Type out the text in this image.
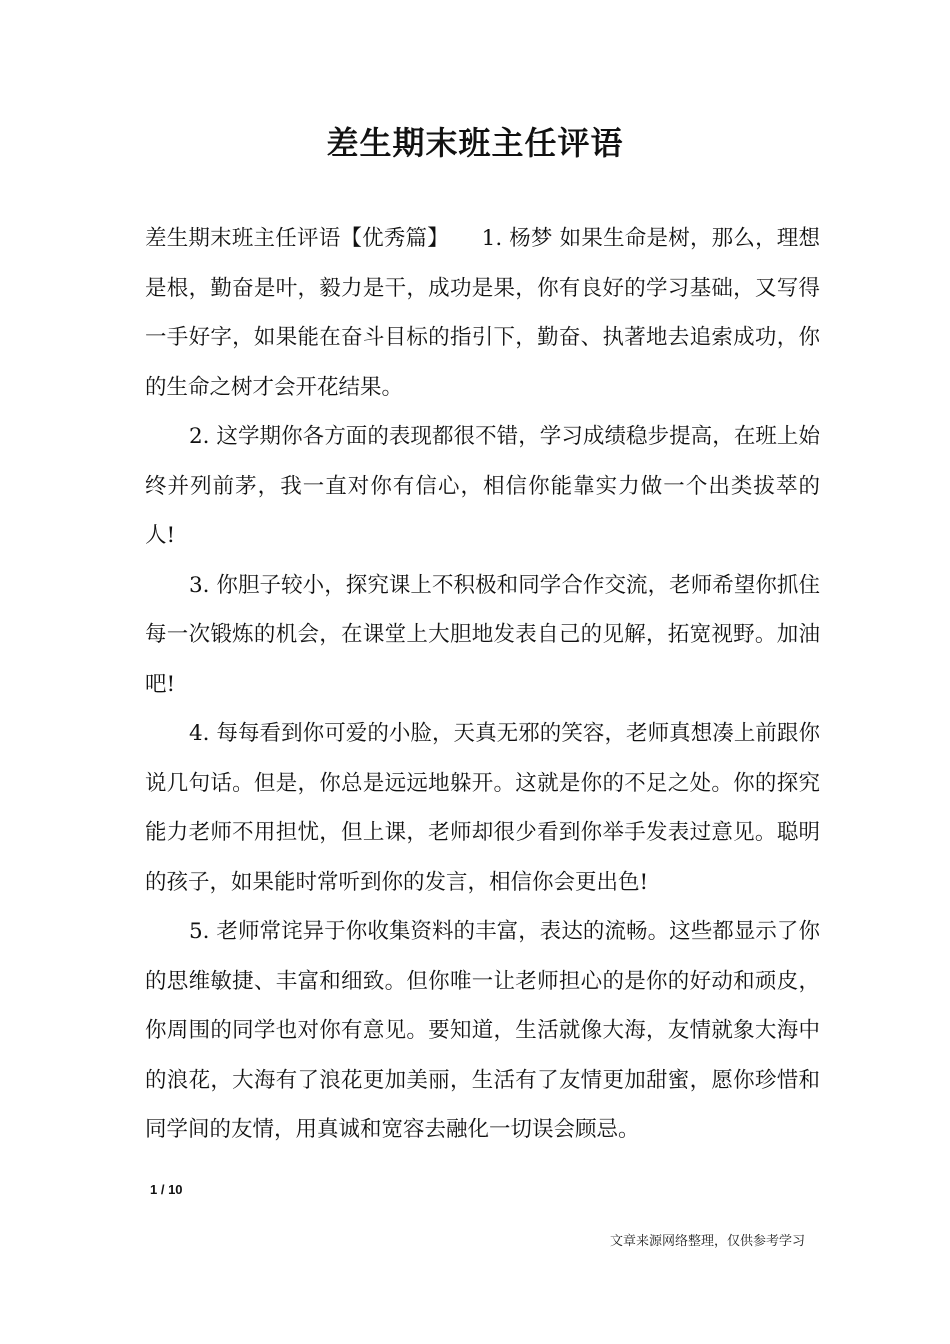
差生期末班主任评语

差生期末班主任评语【优秀篇】　　1. 杨梦 如果生命是树，那么，理想是根，勤奋是叶，毅力是干，成功是果，你有良好的学习基础，又写得一手好字，如果能在奋斗目标的指引下，勤奋、执著地去追索成功，你的生命之树才会开花结果。

2. 这学期你各方面的表现都很不错，学习成绩稳步提高，在班上始终并列前茅，我一直对你有信心，相信你能靠实力做一个出类拔萃的人!

3. 你胆子较小，探究课上不积极和同学合作交流，老师希望你抓住每一次锻炼的机会，在课堂上大胆地发表自己的见解，拓宽视野。加油吧!

4. 每每看到你可爱的小脸，天真无邪的笑容，老师真想凑上前跟你说几句话。但是，你总是远远地躲开。这就是你的不足之处。你的探究能力老师不用担忧，但上课，老师却很少看到你举手发表过意见。聪明的孩子，如果能时常听到你的发言，相信你会更出色!

5. 老师常诧异于你收集资料的丰富，表达的流畅。这些都显示了你的思维敏捷、丰富和细致。但你唯一让老师担心的是你的好动和顽皮，你周围的同学也对你有意见。要知道，生活就像大海，友情就象大海中的浪花，大海有了浪花更加美丽，生活有了友情更加甜蜜，愿你珍惜和同学间的友情，用真诚和宽容去融化一切误会顾忌。

1 / 10
文章来源网络整理，仅供参考学习
